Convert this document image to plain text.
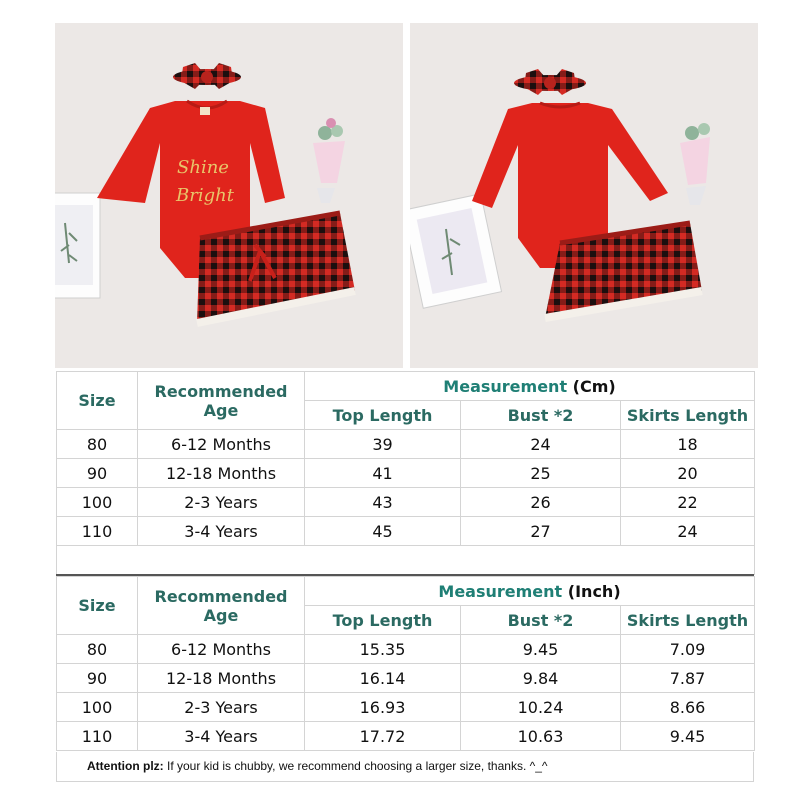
Shine
Bright
Size	Recommended Age	Measurement (Cm)		
		Top Length	Bust *2	Skirts Length
80	6-12 Months	39	24	18
90	12-18 Months	41	25	20
100	2-3 Years	43	26	22
110	3-4 Years	45	27	24

Size	Recommended Age	Measurement (Inch)		
		Top Length	Bust *2	Skirts Length
80	6-12 Months	15.35	9.45	7.09
90	12-18 Months	16.14	9.84	7.87
100	2-3 Years	16.93	10.24	8.66
110	3-4 Years	17.72	10.63	9.45
Attention plz: If your kid is chubby, we recommend choosing a larger size, thanks. ^_^
